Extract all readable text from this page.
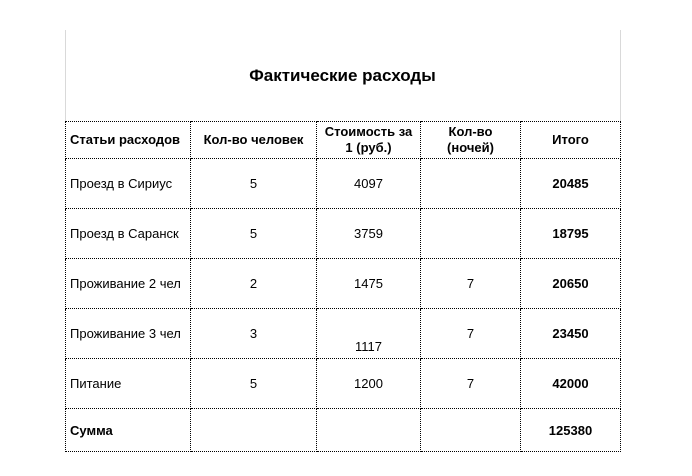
Фактические расходы
Статьи расходов	Кол-во человек	Стоимость за 1 (руб.)	Кол-во (ночей)	Итого
Проезд в Сириус	5	4097		20485
Проезд в Саранск	5	3759		18795
Проживание 2 чел	2	1475	7	20650
Проживание 3 чел	3	1117	7	23450
Питание	5	1200	7	42000
Сумма				125380
